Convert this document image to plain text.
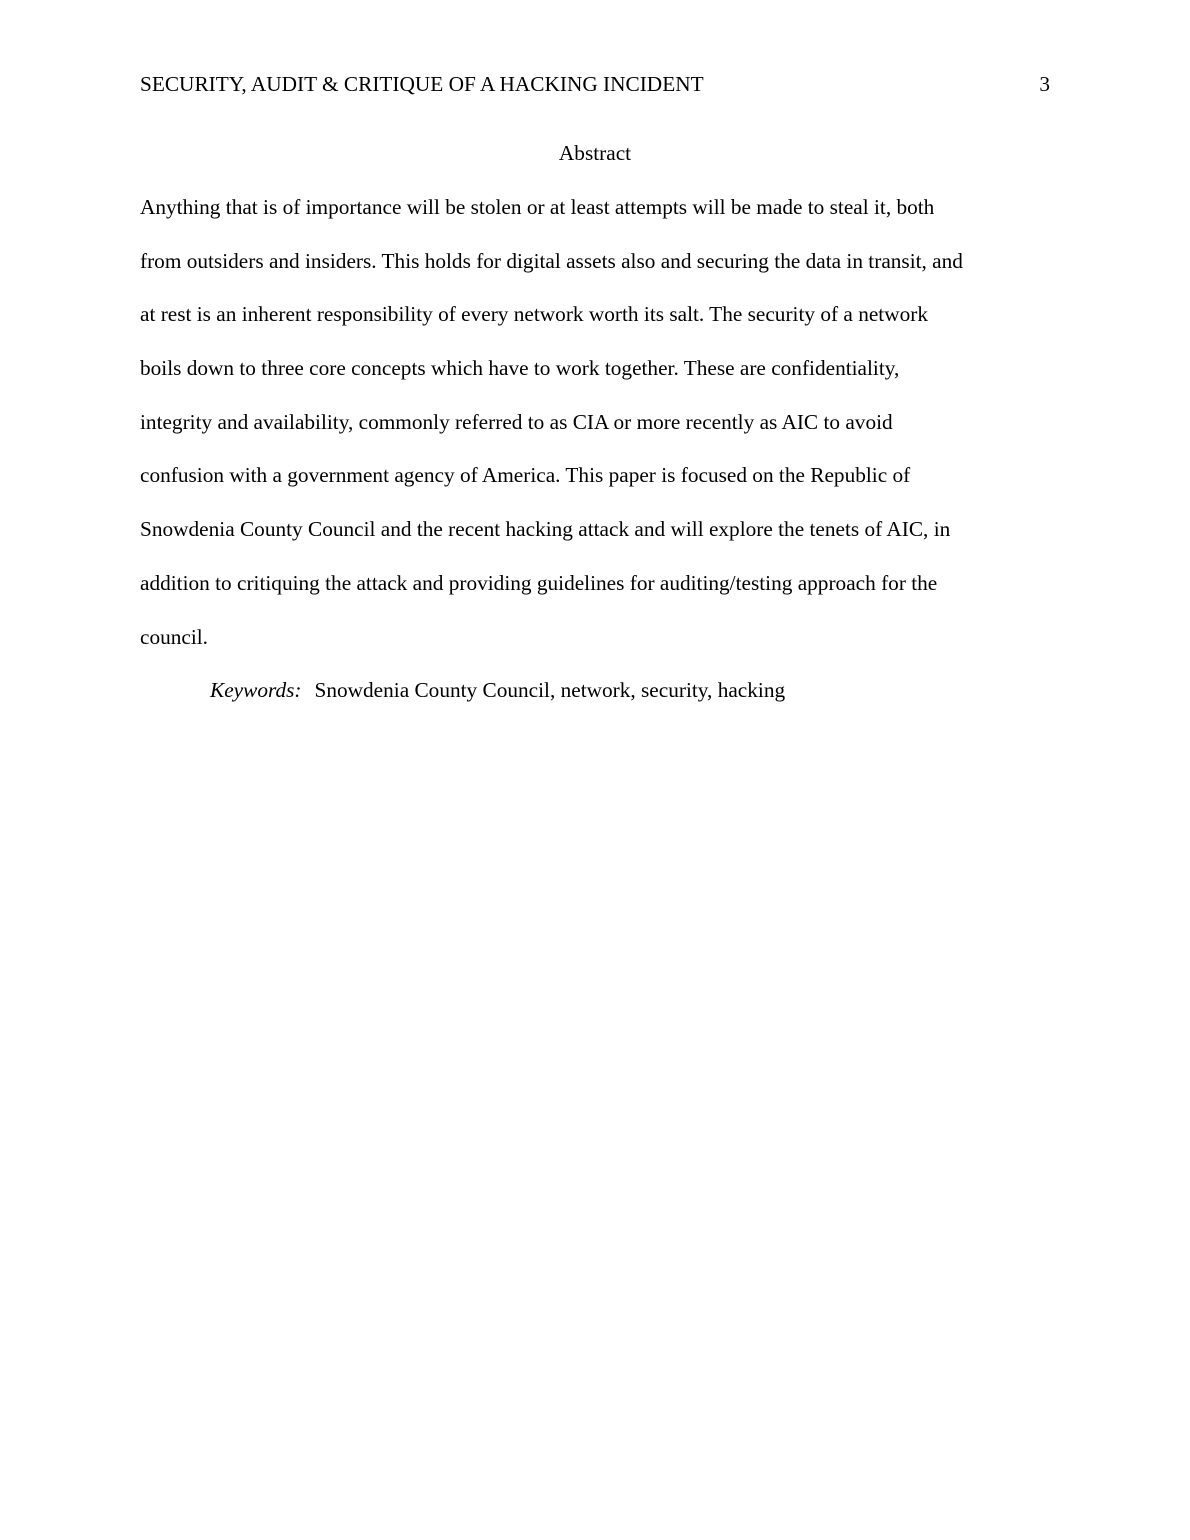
SECURITY, AUDIT & CRITIQUE OF A HACKING INCIDENT	3
Abstract
Anything that is of importance will be stolen or at least attempts will be made to steal it, both
from outsiders and insiders. This holds for digital assets also and securing the data in transit, and
at rest is an inherent responsibility of every network worth its salt. The security of a network
boils down to three core concepts which have to work together. These are confidentiality,
integrity and availability, commonly referred to as CIA or more recently as AIC to avoid
confusion with a government agency of America. This paper is focused on the Republic of
Snowdenia County Council and the recent hacking attack and will explore the tenets of AIC, in
addition to critiquing the attack and providing guidelines for auditing/testing approach for the
council.
Keywords: Snowdenia County Council, network, security, hacking
